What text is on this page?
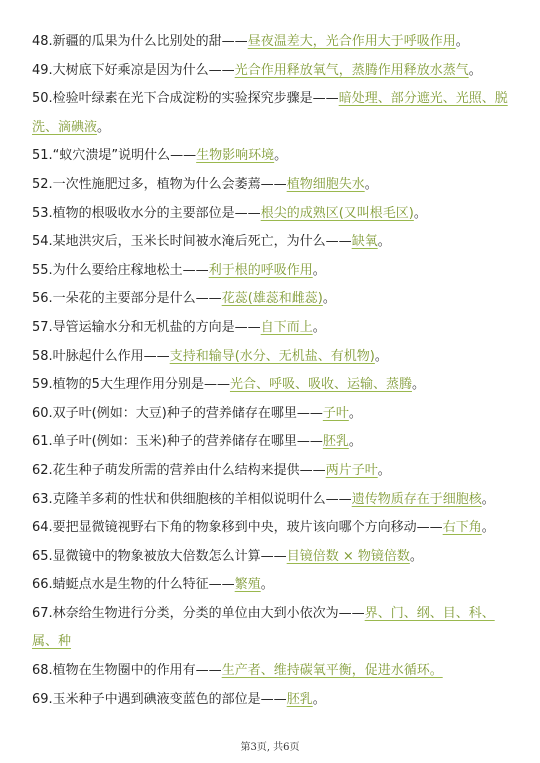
48.新疆的瓜果为什么比别处的甜——昼夜温差大，光合作用大于呼吸作用。
49.大树底下好乘凉是因为什么——光合作用释放氧气，蒸腾作用释放水蒸气。
50.检验叶绿素在光下合成淀粉的实验探究步骤是——暗处理、部分遮光、光照、脱洗、滴碘液。
51.“蚁穴溃堤”说明什么——生物影响环境。
52.一次性施肥过多，植物为什么会萎蔫——植物细胞失水。
53.植物的根吸收水分的主要部位是——根尖的成熟区(又叫根毛区)。
54.某地洪灾后，玉米长时间被水淹后死亡，为什么——缺氧。
55.为什么要给庄稼地松土——利于根的呼吸作用。
56.一朵花的主要部分是什么——花蕊(雄蕊和雌蕊)。
57.导管运输水分和无机盐的方向是——自下而上。
58.叶脉起什么作用——支持和输导(水分、无机盐、有机物)。
59.植物的5大生理作用分别是——光合、呼吸、吸收、运输、蒸腾。
60.双子叶(例如：大豆)种子的营养储存在哪里——子叶。
61.单子叶(例如：玉米)种子的营养储存在哪里——胚乳。
62.花生种子萌发所需的营养由什么结构来提供——两片子叶。
63.克隆羊多莉的性状和供细胞核的羊相似说明什么——遗传物质存在于细胞核。
64.要把显微镜视野右下角的物象移到中央，玻片该向哪个方向移动——右下角。
65.显微镜中的物象被放大倍数怎么计算——目镜倍数 × 物镜倍数。
66.蜻蜓点水是生物的什么特征——繁殖。
67.林奈给生物进行分类，分类的单位由大到小依次为——界、门、纲、目、科、属、种
68.植物在生物圈中的作用有——生产者、维持碳氧平衡，促进水循环。
69.玉米种子中遇到碘液变蓝色的部位是——胚乳。
第3页, 共6页
